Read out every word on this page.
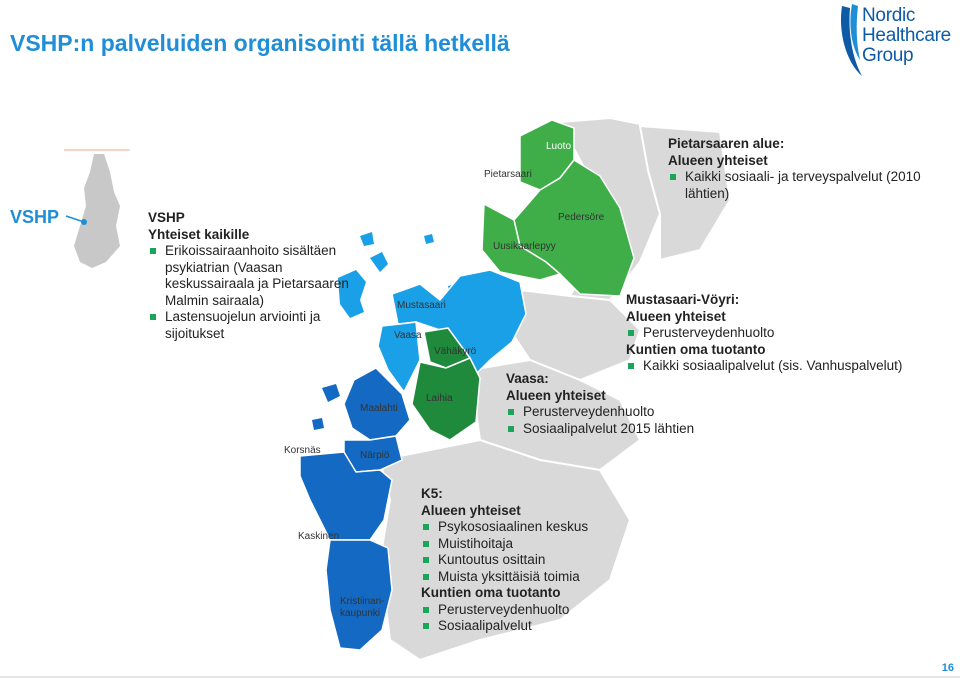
VSHP:n palveluiden organisointi tällä hetkellä
Nordic
Healthcare
Group
VSHP
Luoto
Pietarsaari
Pedersöre
Uusikaarlepyy
Mustasaari
Vaasa
Vähäkyrö
Laihia
Maalahti
Korsnäs	Närpiö
Kaskinen
Kristiinan-
kaupunki
VSHP
Yhteiset kaikille
Erikoissairaanhoito sisältäen psykiatrian (Vaasan keskussairaala ja Pietarsaaren Malmin sairaala)
Lastensuojelun arviointi ja sijoitukset
Pietarsaaren alue:
Alueen yhteiset
Kaikki sosiaali- ja terveyspalvelut (2010 lähtien)
Mustasaari-Vöyri:
Alueen yhteiset
Perusterveydenhuolto
Kuntien oma tuotanto
Kaikki sosiaalipalvelut (sis. Vanhuspalvelut)
Vaasa:
Alueen yhteiset
Perusterveydenhuolto
Sosiaalipalvelut 2015 lähtien
K5:
Alueen yhteiset
Psykososiaalinen keskus
Muistihoitaja
Kuntoutus osittain
Muista yksittäisiä toimia
Kuntien oma tuotanto
Perusterveydenhuolto
Sosiaalipalvelut
16
